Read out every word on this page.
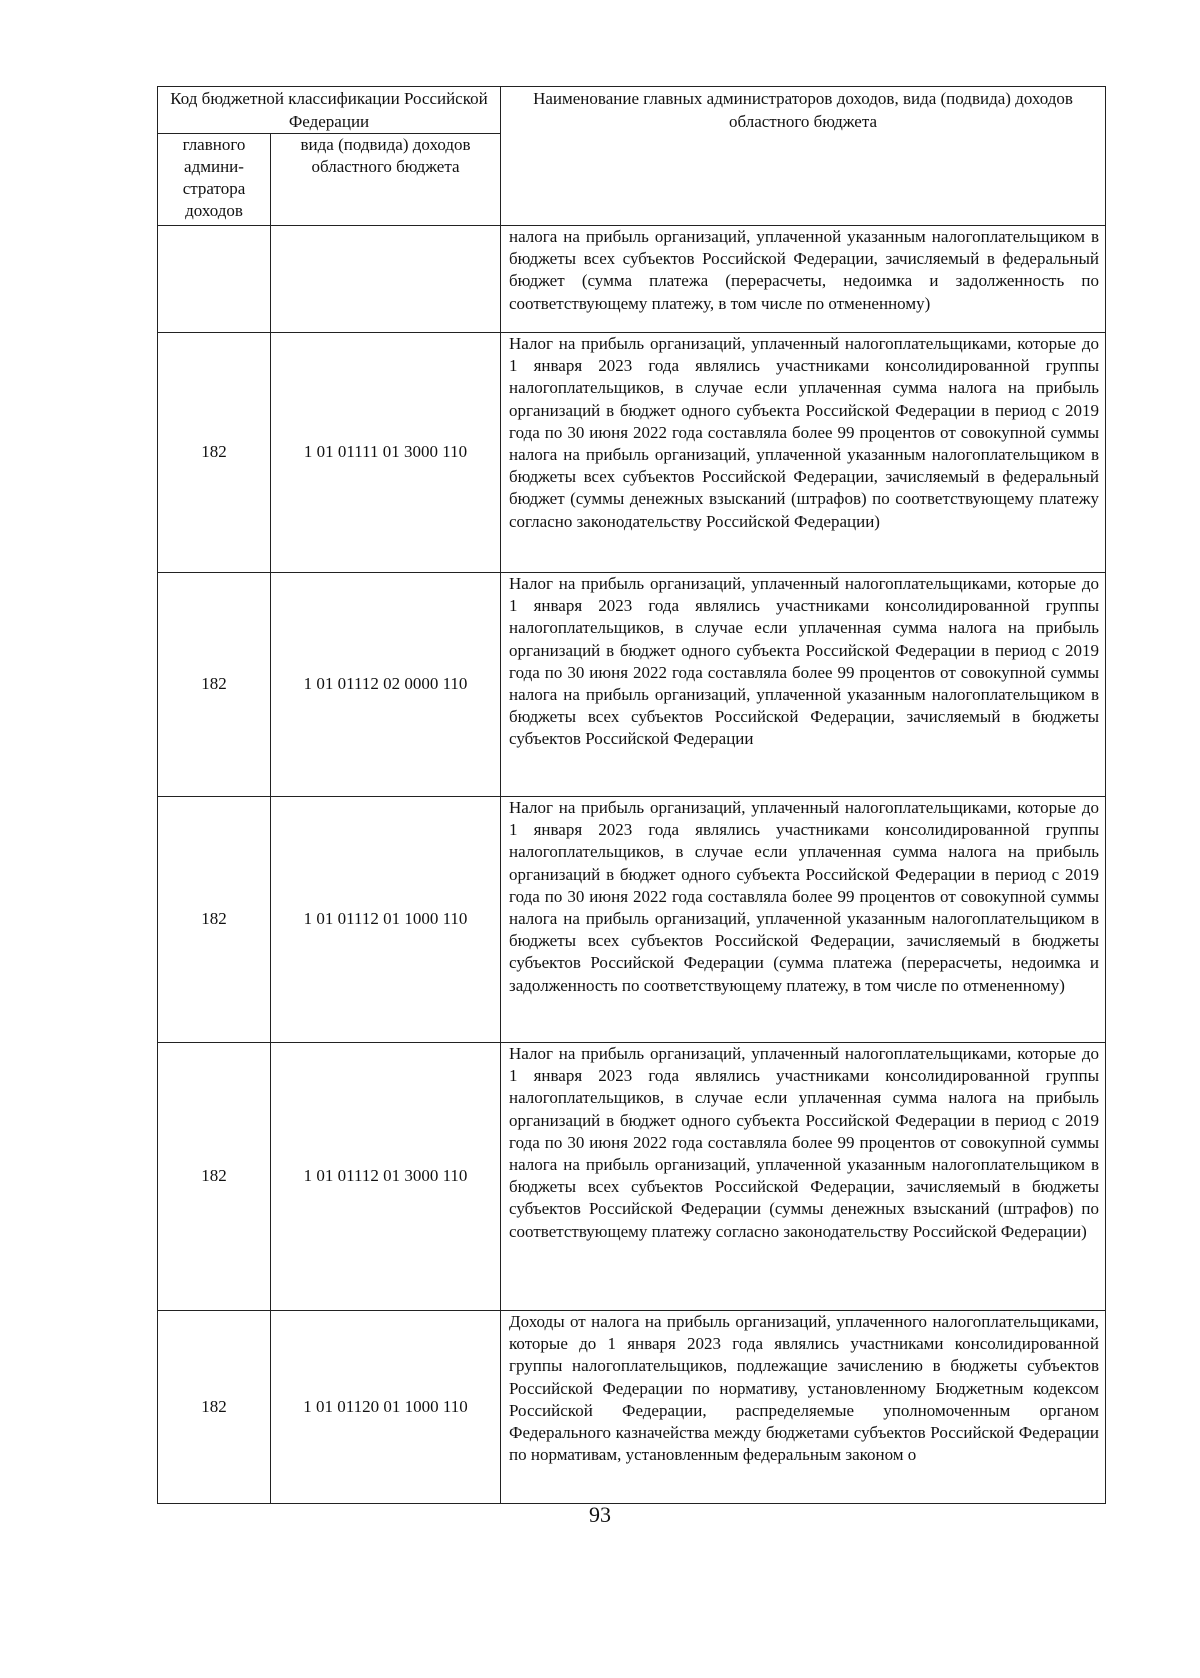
Код бюджетной классификации Российской Федерации		Наименование главных администраторов доходов, вида (подвида) доходов областного бюджета
главного админи-стратора доходов	вида (подвида) доходов областного бюджета	
		налога на прибыль организаций, уплаченной указанным налогоплательщиком в бюджеты всех субъектов Российской Федерации, зачисляемый в федеральный бюджет (сумма платежа (перерасчеты, недоимка и задолженность по соответствующему платежу, в том числе по отмененному)
182	1 01 01111 01 3000 110	Налог на прибыль организаций, уплаченный налогоплательщиками, которые до 1 января 2023 года являлись участниками консолидированной группы налогоплательщиков, в случае если уплаченная сумма налога на прибыль организаций в бюджет одного субъекта Российской Федерации в период с 2019 года по 30 июня 2022 года составляла более 99 процентов от совокупной суммы налога на прибыль организаций, уплаченной указанным налогоплательщиком в бюджеты всех субъектов Российской Федерации, зачисляемый в федеральный бюджет (суммы денежных взысканий (штрафов) по соответствующему платежу согласно законодательству Российской Федерации)
182	1 01 01112 02 0000 110	Налог на прибыль организаций, уплаченный налогоплательщиками, которые до 1 января 2023 года являлись участниками консолидированной группы налогоплательщиков, в случае если уплаченная сумма налога на прибыль организаций в бюджет одного субъекта Российской Федерации в период с 2019 года по 30 июня 2022 года составляла более 99 процентов от совокупной суммы налога на прибыль организаций, уплаченной указанным налогоплательщиком в бюджеты всех субъектов Российской Федерации, зачисляемый в бюджеты субъектов Российской Федерации
182	1 01 01112 01 1000 110	Налог на прибыль организаций, уплаченный налогоплательщиками, которые до 1 января 2023 года являлись участниками консолидированной группы налогоплательщиков, в случае если уплаченная сумма налога на прибыль организаций в бюджет одного субъекта Российской Федерации в период с 2019 года по 30 июня 2022 года составляла более 99 процентов от совокупной суммы налога на прибыль организаций, уплаченной указанным налогоплательщиком в бюджеты всех субъектов Российской Федерации, зачисляемый в бюджеты субъектов Российской Федерации (сумма платежа (перерасчеты, недоимка и задолженность по соответствующему платежу, в том числе по отмененному)
182	1 01 01112 01 3000 110	Налог на прибыль организаций, уплаченный налогоплательщиками, которые до 1 января 2023 года являлись участниками консолидированной группы налогоплательщиков, в случае если уплаченная сумма налога на прибыль организаций в бюджет одного субъекта Российской Федерации в период с 2019 года по 30 июня 2022 года составляла более 99 процентов от совокупной суммы налога на прибыль организаций, уплаченной указанным налогоплательщиком в бюджеты всех субъектов Российской Федерации, зачисляемый в бюджеты субъектов Российской Федерации (суммы денежных взысканий (штрафов) по соответствующему платежу согласно законодательству Российской Федерации)
182	1 01 01120 01 1000 110	Доходы от налога на прибыль организаций, уплаченного налогоплательщиками, которые до 1 января 2023 года являлись участниками консолидированной группы налогоплательщиков, подлежащие зачислению в бюджеты субъектов Российской Федерации по нормативу, установленному Бюджетным кодексом Российской Федерации, распределяемые уполномоченным органом Федерального казначейства между бюджетами субъектов Российской Федерации по нормативам, установленным федеральным законом о
93
